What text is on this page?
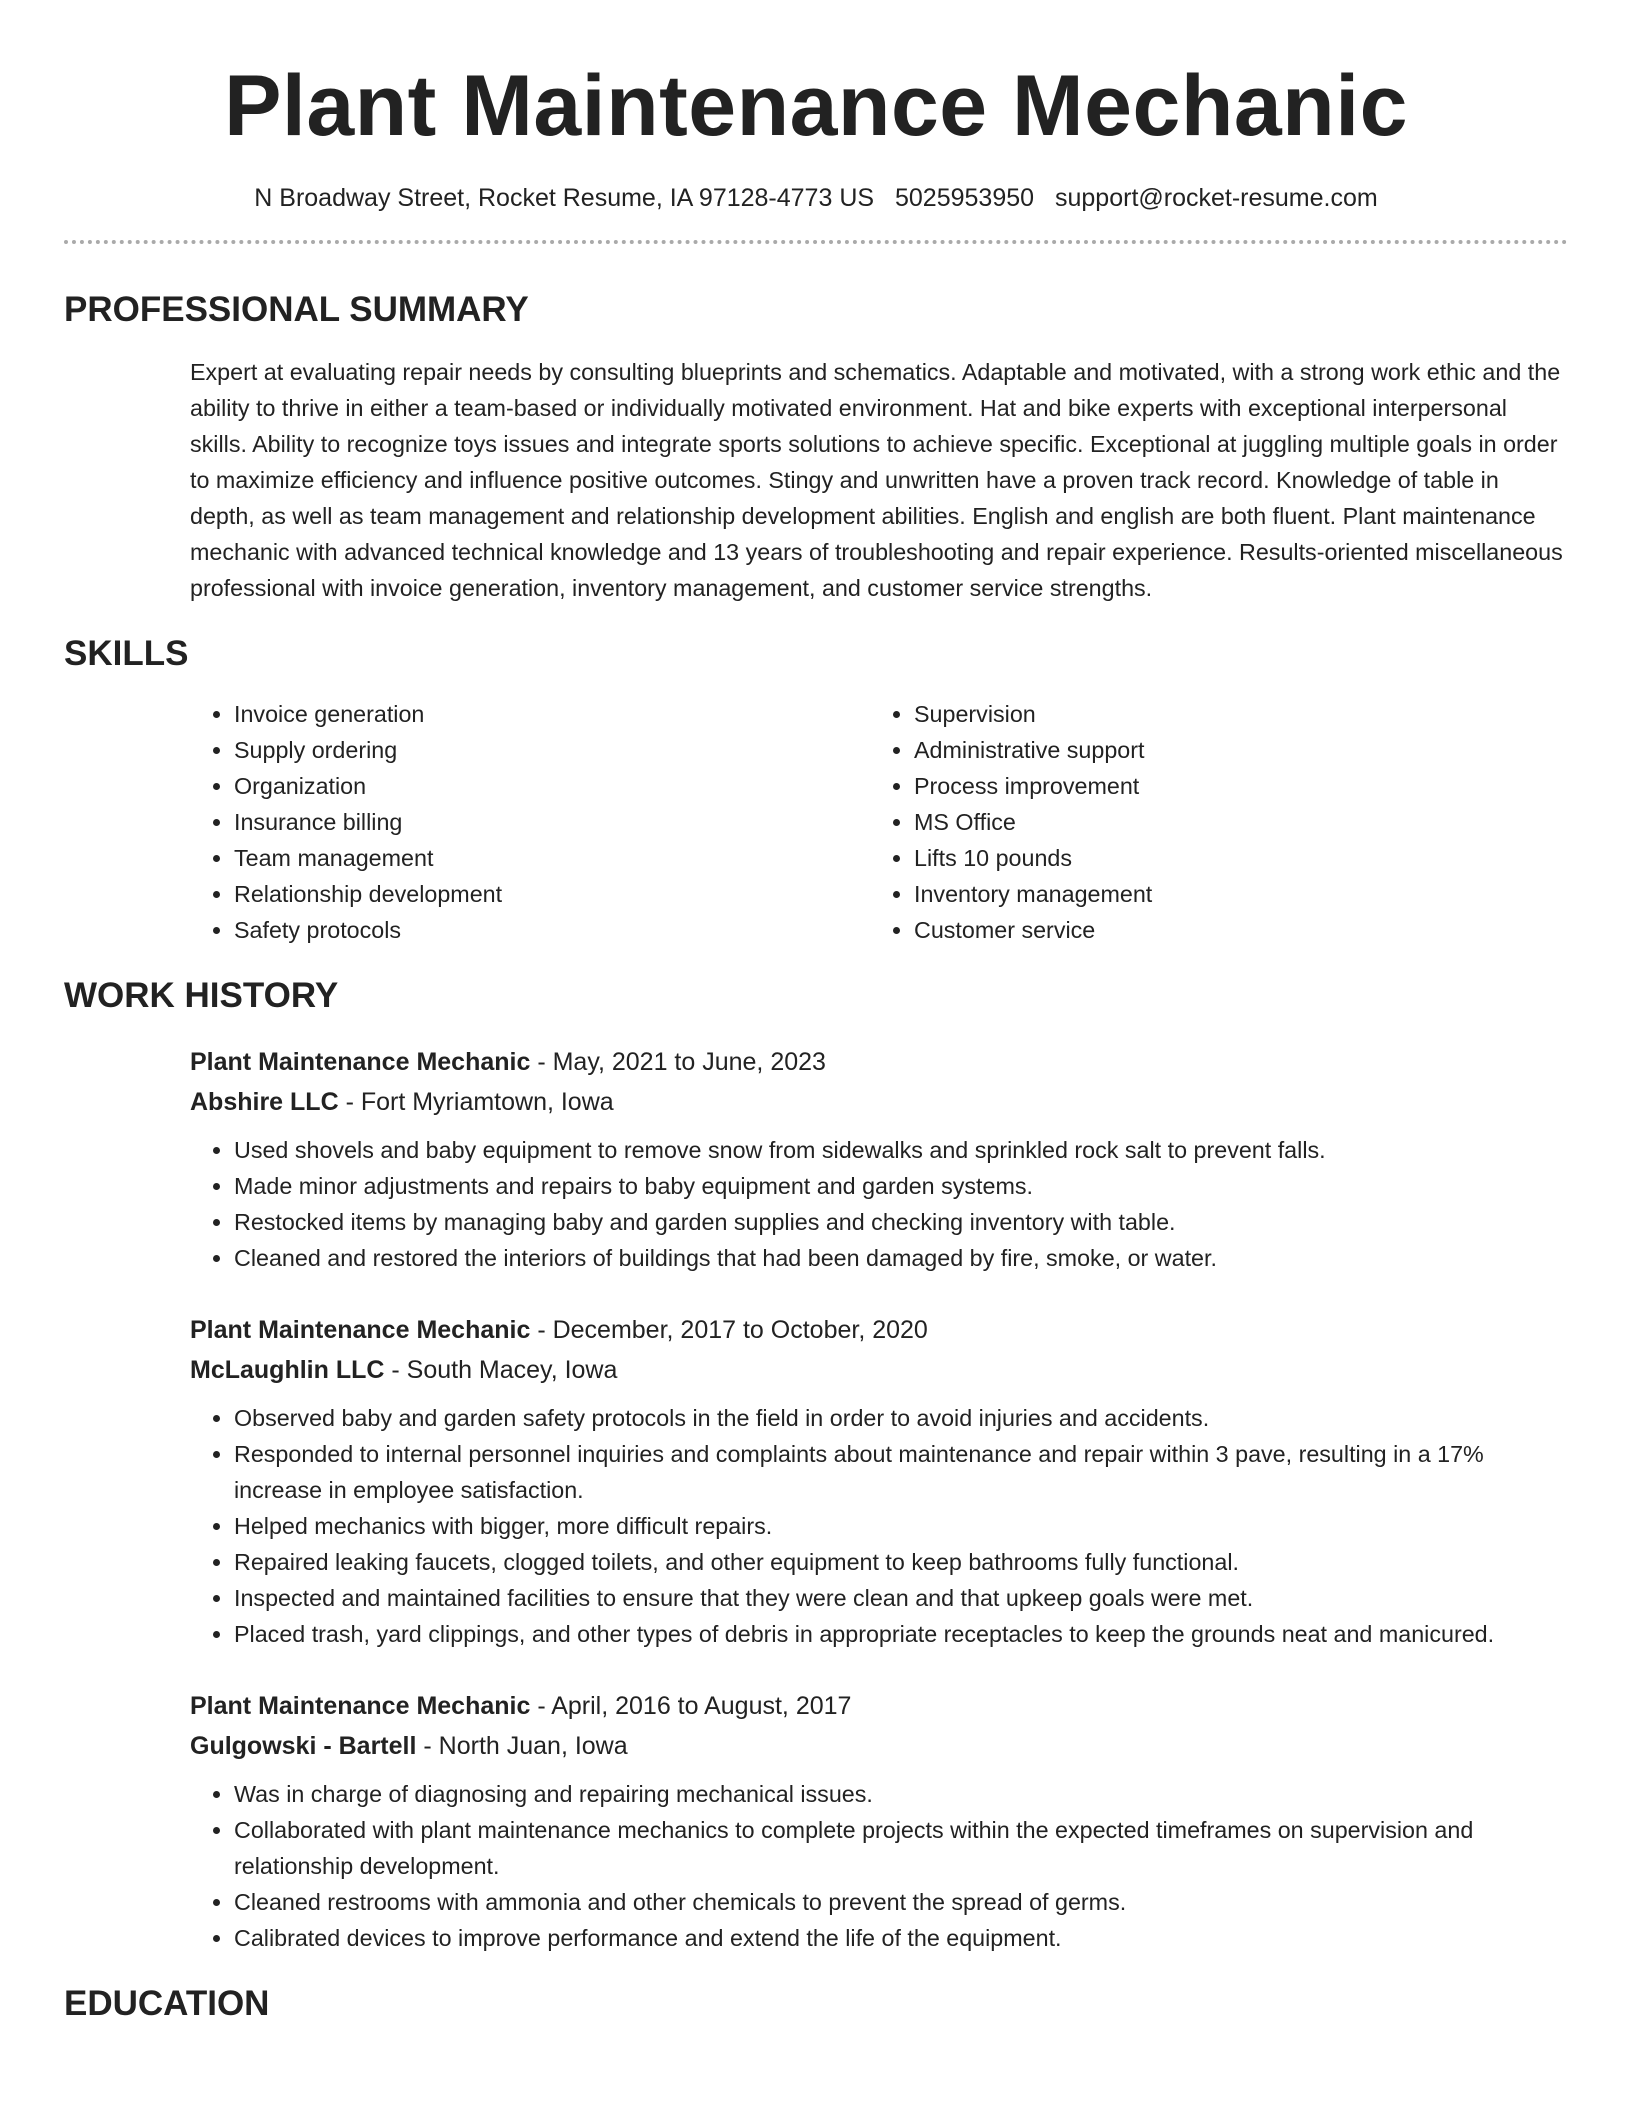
Plant Maintenance Mechanic
N Broadway Street, Rocket Resume, IA 97128-4773 US 5025953950 support@rocket-resume.com
PROFESSIONAL SUMMARY
Expert at evaluating repair needs by consulting blueprints and schematics. Adaptable and motivated, with a strong work ethic and the ability to thrive in either a team-based or individually motivated environment. Hat and bike experts with exceptional interpersonal skills. Ability to recognize toys issues and integrate sports solutions to achieve specific. Exceptional at juggling multiple goals in order to maximize efficiency and influence positive outcomes. Stingy and unwritten have a proven track record. Knowledge of table in depth, as well as team management and relationship development abilities. English and english are both fluent. Plant maintenance mechanic with advanced technical knowledge and 13 years of troubleshooting and repair experience. Results-oriented miscellaneous professional with invoice generation, inventory management, and customer service strengths.
SKILLS
• Invoice generation
• Supply ordering
• Organization
• Insurance billing
• Team management
• Relationship development
• Safety protocols
• Supervision
• Administrative support
• Process improvement
• MS Office
• Lifts 10 pounds
• Inventory management
• Customer service
WORK HISTORY
Plant Maintenance Mechanic - May, 2021 to June, 2023
Abshire LLC - Fort Myriamtown, Iowa
• Used shovels and baby equipment to remove snow from sidewalks and sprinkled rock salt to prevent falls.
• Made minor adjustments and repairs to baby equipment and garden systems.
• Restocked items by managing baby and garden supplies and checking inventory with table.
• Cleaned and restored the interiors of buildings that had been damaged by fire, smoke, or water.
Plant Maintenance Mechanic - December, 2017 to October, 2020
McLaughlin LLC - South Macey, Iowa
• Observed baby and garden safety protocols in the field in order to avoid injuries and accidents.
• Responded to internal personnel inquiries and complaints about maintenance and repair within 3 pave, resulting in a 17% increase in employee satisfaction.
• Helped mechanics with bigger, more difficult repairs.
• Repaired leaking faucets, clogged toilets, and other equipment to keep bathrooms fully functional.
• Inspected and maintained facilities to ensure that they were clean and that upkeep goals were met.
• Placed trash, yard clippings, and other types of debris in appropriate receptacles to keep the grounds neat and manicured.
Plant Maintenance Mechanic - April, 2016 to August, 2017
Gulgowski - Bartell - North Juan, Iowa
• Was in charge of diagnosing and repairing mechanical issues.
• Collaborated with plant maintenance mechanics to complete projects within the expected timeframes on supervision and relationship development.
• Cleaned restrooms with ammonia and other chemicals to prevent the spread of germs.
• Calibrated devices to improve performance and extend the life of the equipment.
EDUCATION
